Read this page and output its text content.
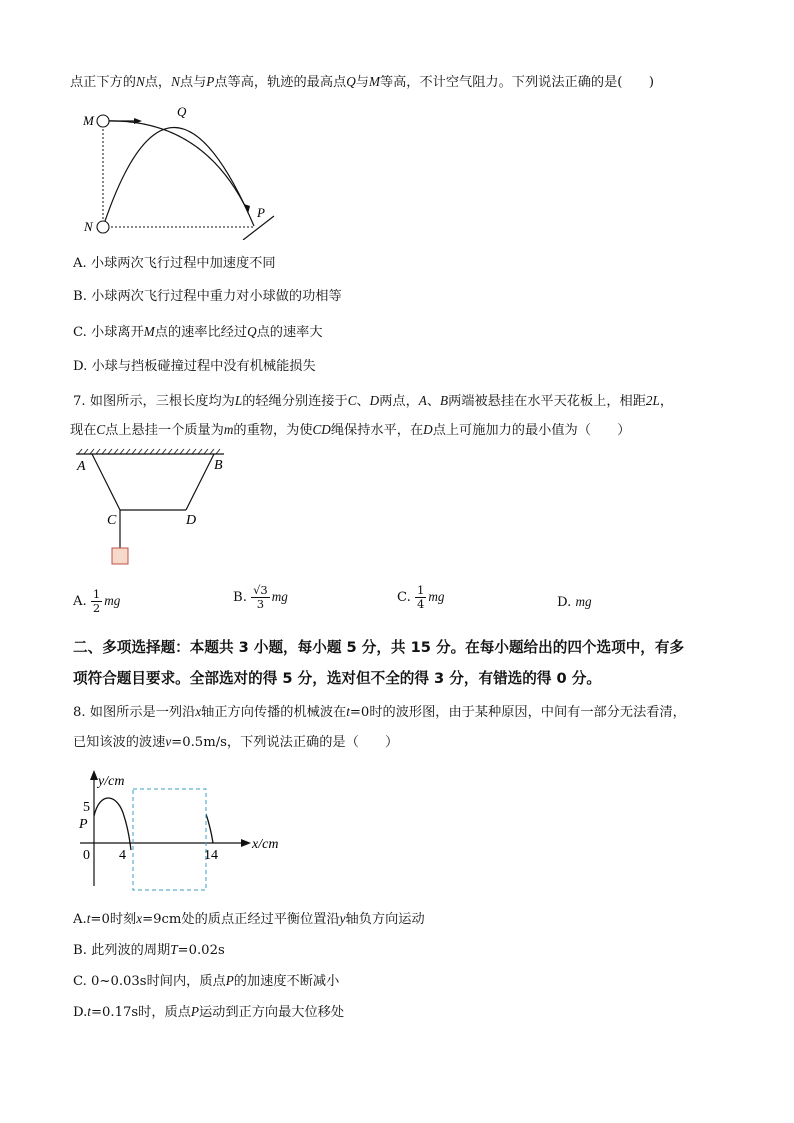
点正下方的N点，N点与P点等高，轨迹的最高点Q与M等高，不计空气阻力。下列说法正确的是(　　)
M
Q
N
P
A. 小球两次飞行过程中加速度不同
B. 小球两次飞行过程中重力对小球做的功相等
C. 小球离开M点的速率比经过Q点的速率大
D. 小球与挡板碰撞过程中没有机械能损失
7. 如图所示，三根长度均为L的轻绳分别连接于C、D两点，A、B两端被悬挂在水平天花板上，相距2L，
现在C点上悬挂一个质量为m的重物，为使CD绳保持水平，在D点上可施加力的最小值为（　　）
A	B
C	D
A. $\frac{1}{2}$ mg	B. $\frac{√3}{3}$ mg	C. $\frac{1}{4}$ mg	D. mg
二、多项选择题：本题共 3 小题，每小题 5 分，共 15 分。在每小题给出的四个选项中，有多
项符合题目要求。全部选对的得 5 分，选对但不全的得 3 分，有错选的得 0 分。
8. 如图所示是一列沿x轴正方向传播的机械波在t=0时的波形图，由于某种原因，中间有一部分无法看清，
已知该波的波速v=0.5m/s，下列说法正确的是（　　）
y/cm
x/cm
5
P
0 4	14
A.t=0时刻x=9cm处的质点正经过平衡位置沿y轴负方向运动
B. 此列波的周期T=0.02s
C. 0~0.03s时间内，质点P的加速度不断减小
D.t=0.17s时，质点P运动到正方向最大位移处
